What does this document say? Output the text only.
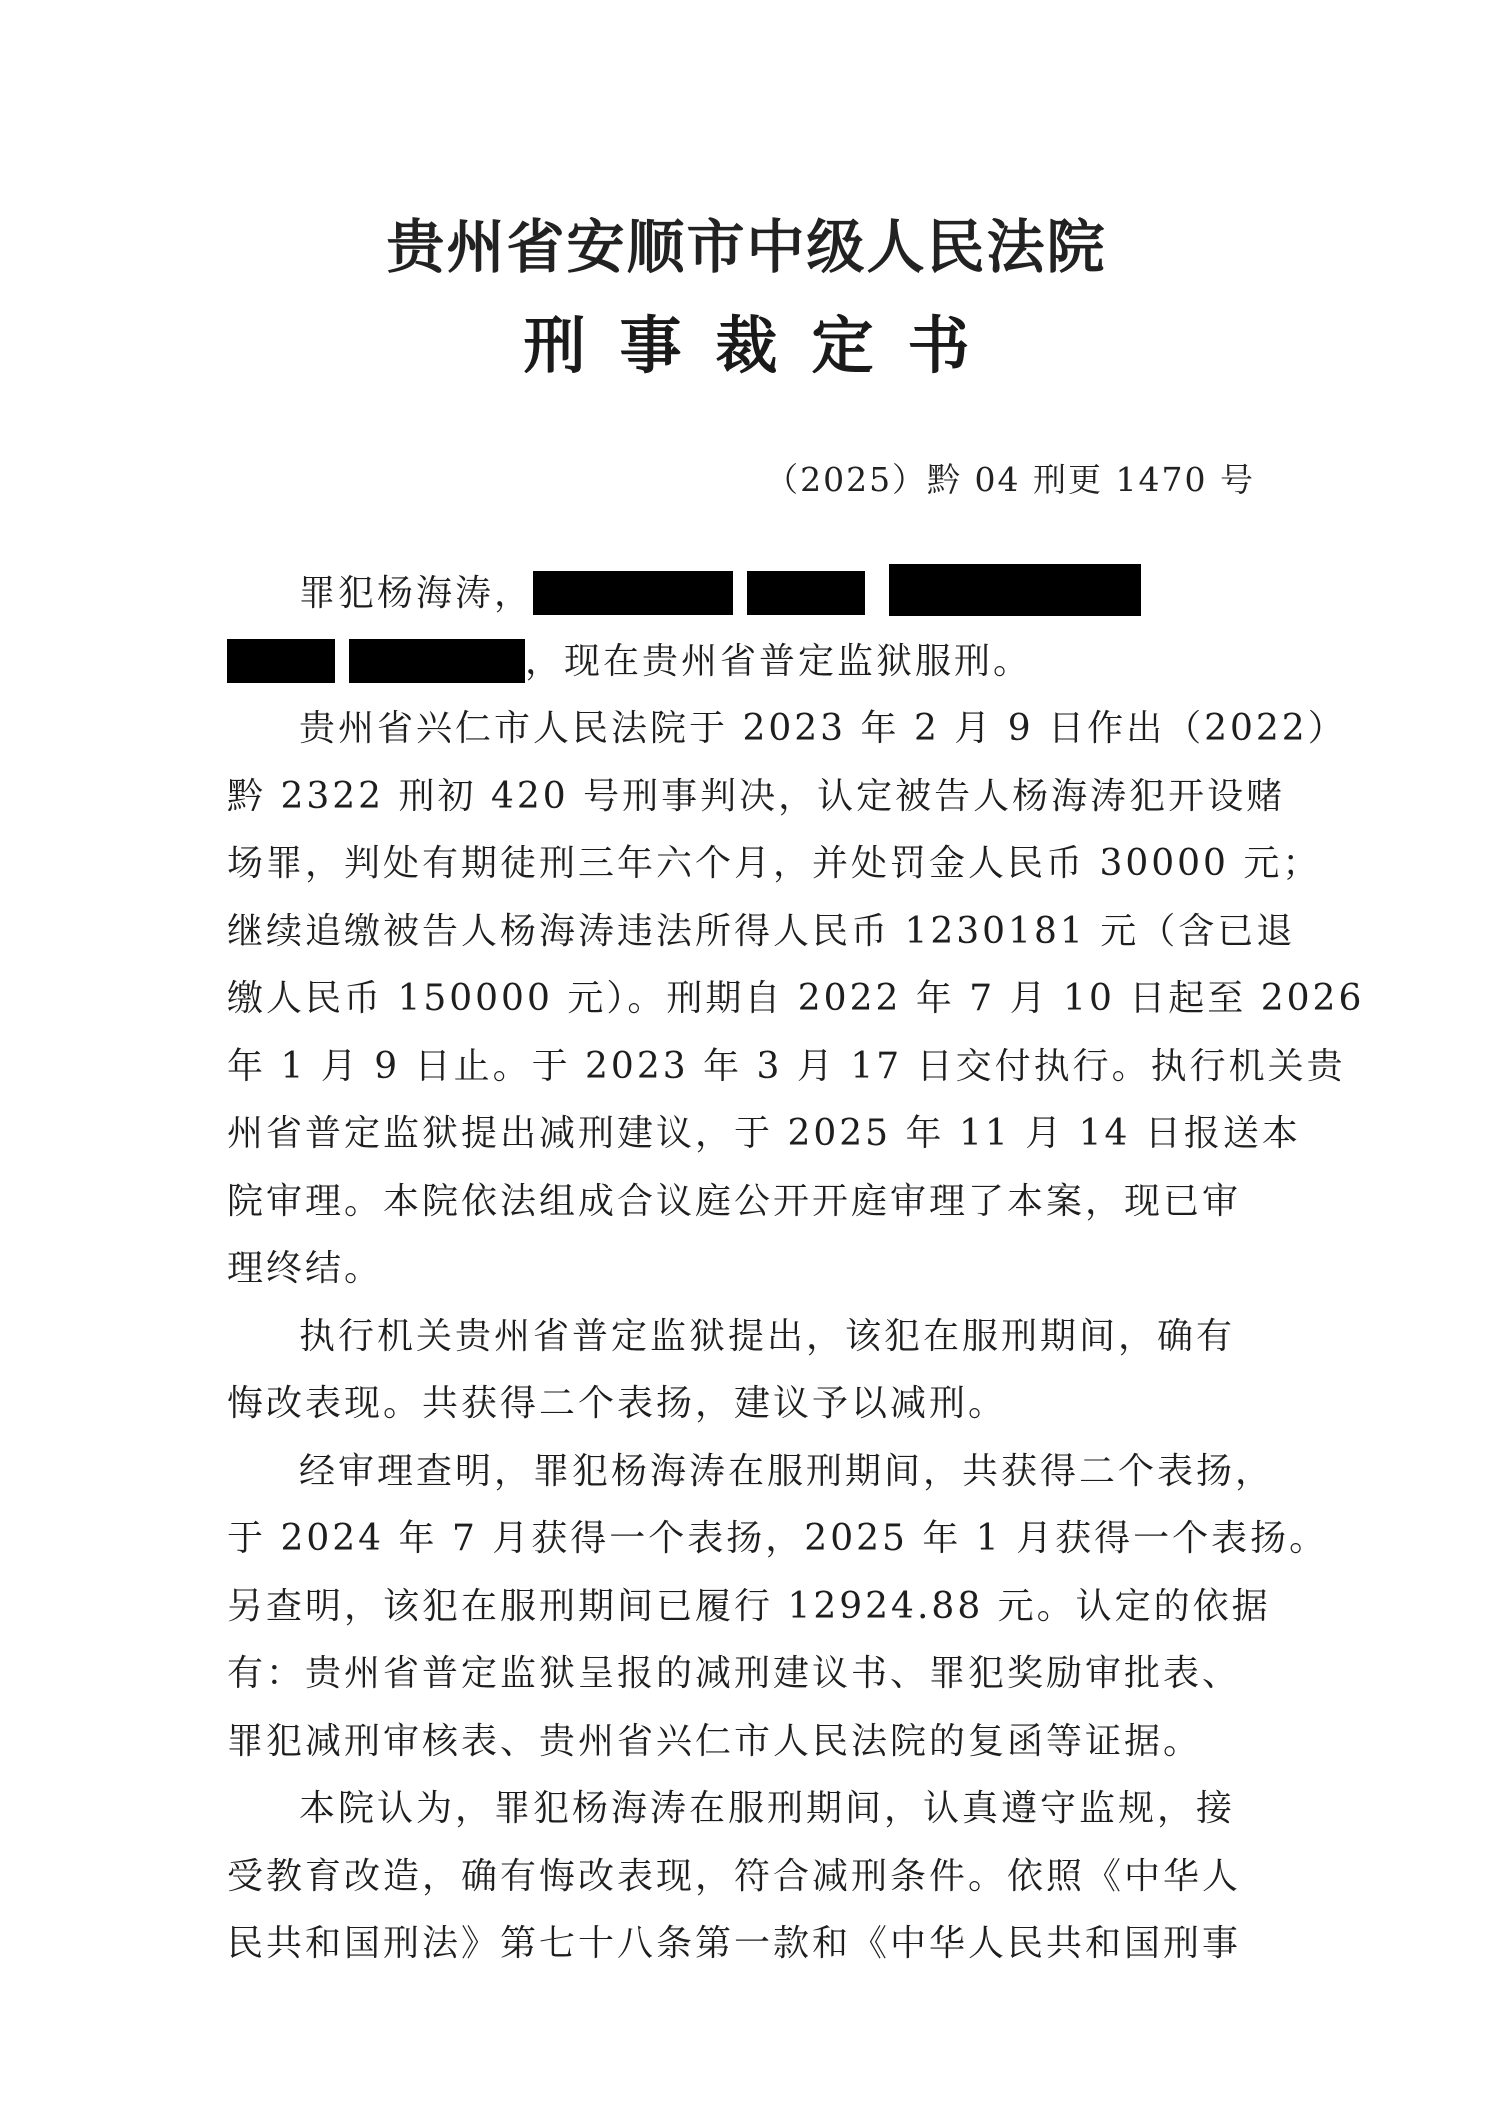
贵州省安顺市中级人民法院
刑事裁定书
（2025）黔 04 刑更 1470 号
罪犯杨海涛，
，现在贵州省普定监狱服刑。
贵州省兴仁市人民法院于 2023 年 2 月 9 日作出（2022）
黔 2322 刑初 420 号刑事判决，认定被告人杨海涛犯开设赌
场罪，判处有期徒刑三年六个月，并处罚金人民币 30000 元；
继续追缴被告人杨海涛违法所得人民币 1230181 元（含已退
缴人民币 150000 元）。刑期自 2022 年 7 月 10 日起至 2026
年 1 月 9 日止。于 2023 年 3 月 17 日交付执行。执行机关贵
州省普定监狱提出减刑建议，于 2025 年 11 月 14 日报送本
院审理。本院依法组成合议庭公开开庭审理了本案，现已审
理终结。
执行机关贵州省普定监狱提出，该犯在服刑期间，确有
悔改表现。共获得二个表扬，建议予以减刑。
经审理查明，罪犯杨海涛在服刑期间，共获得二个表扬，
于 2024 年 7 月获得一个表扬，2025 年 1 月获得一个表扬。
另查明，该犯在服刑期间已履行 12924.88 元。认定的依据
有：贵州省普定监狱呈报的减刑建议书、罪犯奖励审批表、
罪犯减刑审核表、贵州省兴仁市人民法院的复函等证据。
本院认为，罪犯杨海涛在服刑期间，认真遵守监规，接
受教育改造，确有悔改表现，符合减刑条件。依照《中华人
民共和国刑法》第七十八条第一款和《中华人民共和国刑事
